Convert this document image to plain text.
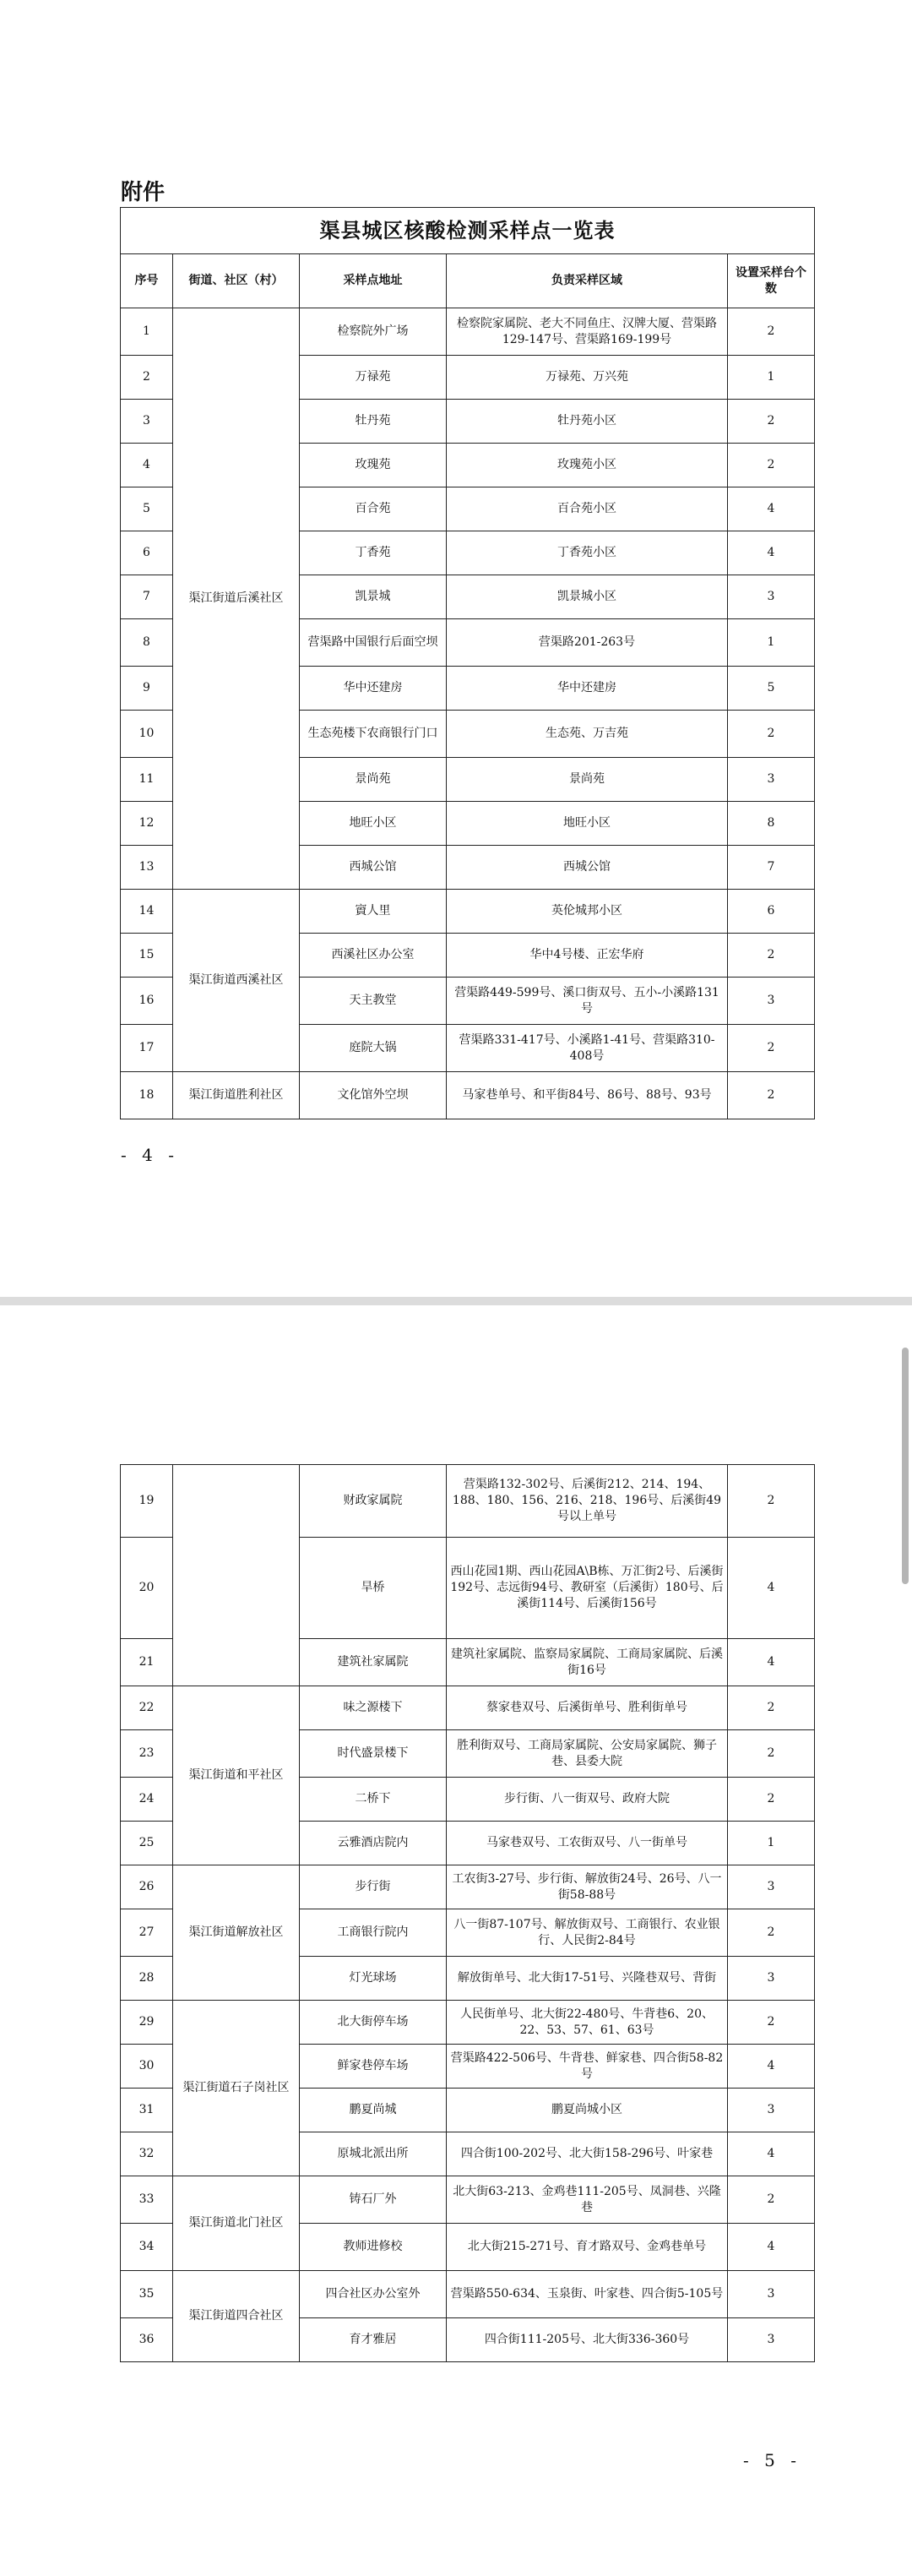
附件
渠县城区核酸检测采样点一览表				
序号	街道、社区（村）	采样点地址	负责采样区域	设置采样台个数
1	渠江街道后溪社区	检察院外广场	检察院家属院、老大不同鱼庄、汉牌大厦、营渠路129-147号、营渠路169-199号	2
2		万禄苑	万禄苑、万兴苑	1
3		牡丹苑	牡丹苑小区	2
4		玫瑰苑	玫瑰苑小区	2
5		百合苑	百合苑小区	4
6		丁香苑	丁香苑小区	4
7		凯景城	凯景城小区	3
8		营渠路中国银行后面空坝	营渠路201-263号	1
9		华中还建房	华中还建房	5
10		生态苑楼下农商银行门口	生态苑、万吉苑	2
11		景尚苑	景尚苑	3
12		地旺小区	地旺小区	8
13		西城公馆	西城公馆	7
14	渠江街道西溪社区	賨人里	英伦城邦小区	6
15		西溪社区办公室	华中4号楼、正宏华府	2
16		天主教堂	营渠路449-599号、溪口街双号、五小-小溪路131号	3
17		庭院大锅	营渠路331-417号、小溪路1-41号、营渠路310-408号	2
18	渠江街道胜利社区	文化馆外空坝	马家巷单号、和平街84号、86号、88号、93号	2
- 4 -
19		财政家属院	营渠路132-302号、后溪街212、214、194、188、180、156、216、218、196号、后溪街49号以上单号	2
20		旱桥	西山花园1期、西山花园A\B栋、万汇街2号、后溪街192号、志远街94号、教研室（后溪街）180号、后溪街114号、后溪街156号	4
21		建筑社家属院	建筑社家属院、监察局家属院、工商局家属院、后溪街16号	4
22	渠江街道和平社区	味之源楼下	蔡家巷双号、后溪街单号、胜利街单号	2
23		时代盛景楼下	胜利街双号、工商局家属院、公安局家属院、狮子巷、县委大院	2
24		二桥下	步行街、八一街双号、政府大院	2
25		云雅酒店院内	马家巷双号、工农街双号、八一街单号	1
26	渠江街道解放社区	步行街	工农街3-27号、步行街、解放街24号、26号、八一街58-88号	3
27		工商银行院内	八一街87-107号、解放街双号、工商银行、农业银行、人民街2-84号	2
28		灯光球场	解放街单号、北大街17-51号、兴隆巷双号、背街	3
29	渠江街道石子岗社区	北大街停车场	人民街单号、北大街22-480号、牛背巷6、20、22、53、57、61、63号	2
30		鲜家巷停车场	营渠路422-506号、牛背巷、鲜家巷、四合街58-82号	4
31		鹏夏尚城	鹏夏尚城小区	3
32		原城北派出所	四合街100-202号、北大街158-296号、叶家巷	4
33	渠江街道北门社区	铸石厂外	北大街63-213、金鸡巷111-205号、凤洞巷、兴隆巷	2
34		教师进修校	北大街215-271号、育才路双号、金鸡巷单号	4
35	渠江街道四合社区	四合社区办公室外	营渠路550-634、玉泉街、叶家巷、四合街5-105号	3
36		育才雅居	四合街111-205号、北大街336-360号	3
- 5 -
